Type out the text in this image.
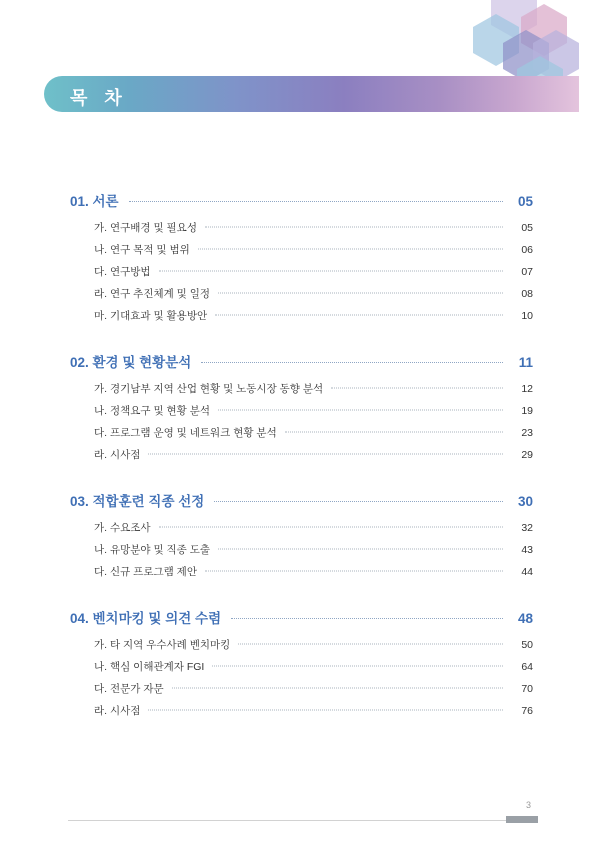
목 차
01. 서론	05
가. 연구배경 및 필요성	05
나. 연구 목적 및 범위	06
다. 연구방법	07
라. 연구 추진체계 및 일정	08
마. 기대효과 및 활용방안	10
02. 환경 및 현황분석	11
가. 경기남부 지역 산업 현황 및 노동시장 동향 분석	12
나. 정책요구 및 현황 분석	19
다. 프로그램 운영 및 네트워크 현황 분석	23
라. 시사점	29
03. 적합훈련 직종 선정	30
가. 수요조사	32
나. 유망분야 및 직종 도출	43
다. 신규 프로그램 제안	44
04. 벤치마킹 및 의견 수렴	48
가. 타 지역 우수사례 벤치마킹	50
나. 핵심 이해관계자 FGI	64
다. 전문가 자문	70
라. 시사점	76
3
